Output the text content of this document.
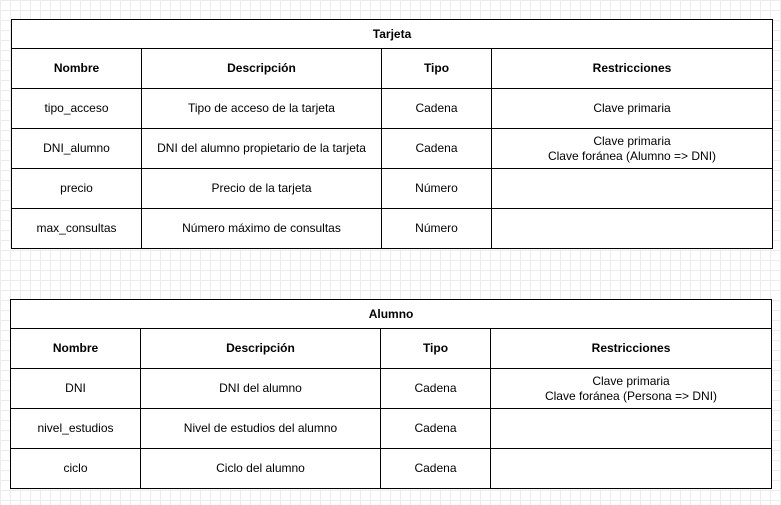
Tarjeta			
Nombre	Descripción	Tipo	Restricciones
tipo_acceso	Tipo de acceso de la tarjeta	Cadena	Clave primaria

DNI_alumno	DNI del alumno propietario de la tarjeta	Cadena	Clave primaria
Clave foránea (Alumno => DNI)

precio	Precio de la tarjeta	Número	
max_consultas	Número máximo de consultas	Número	
Alumno			
Nombre	Descripción	Tipo	Restricciones
DNI	DNI del alumno	Cadena	Clave primaria
Clave foránea (Persona => DNI)

nivel_estudios	Nivel de estudios del alumno	Cadena	
ciclo	Ciclo del alumno	Cadena	
